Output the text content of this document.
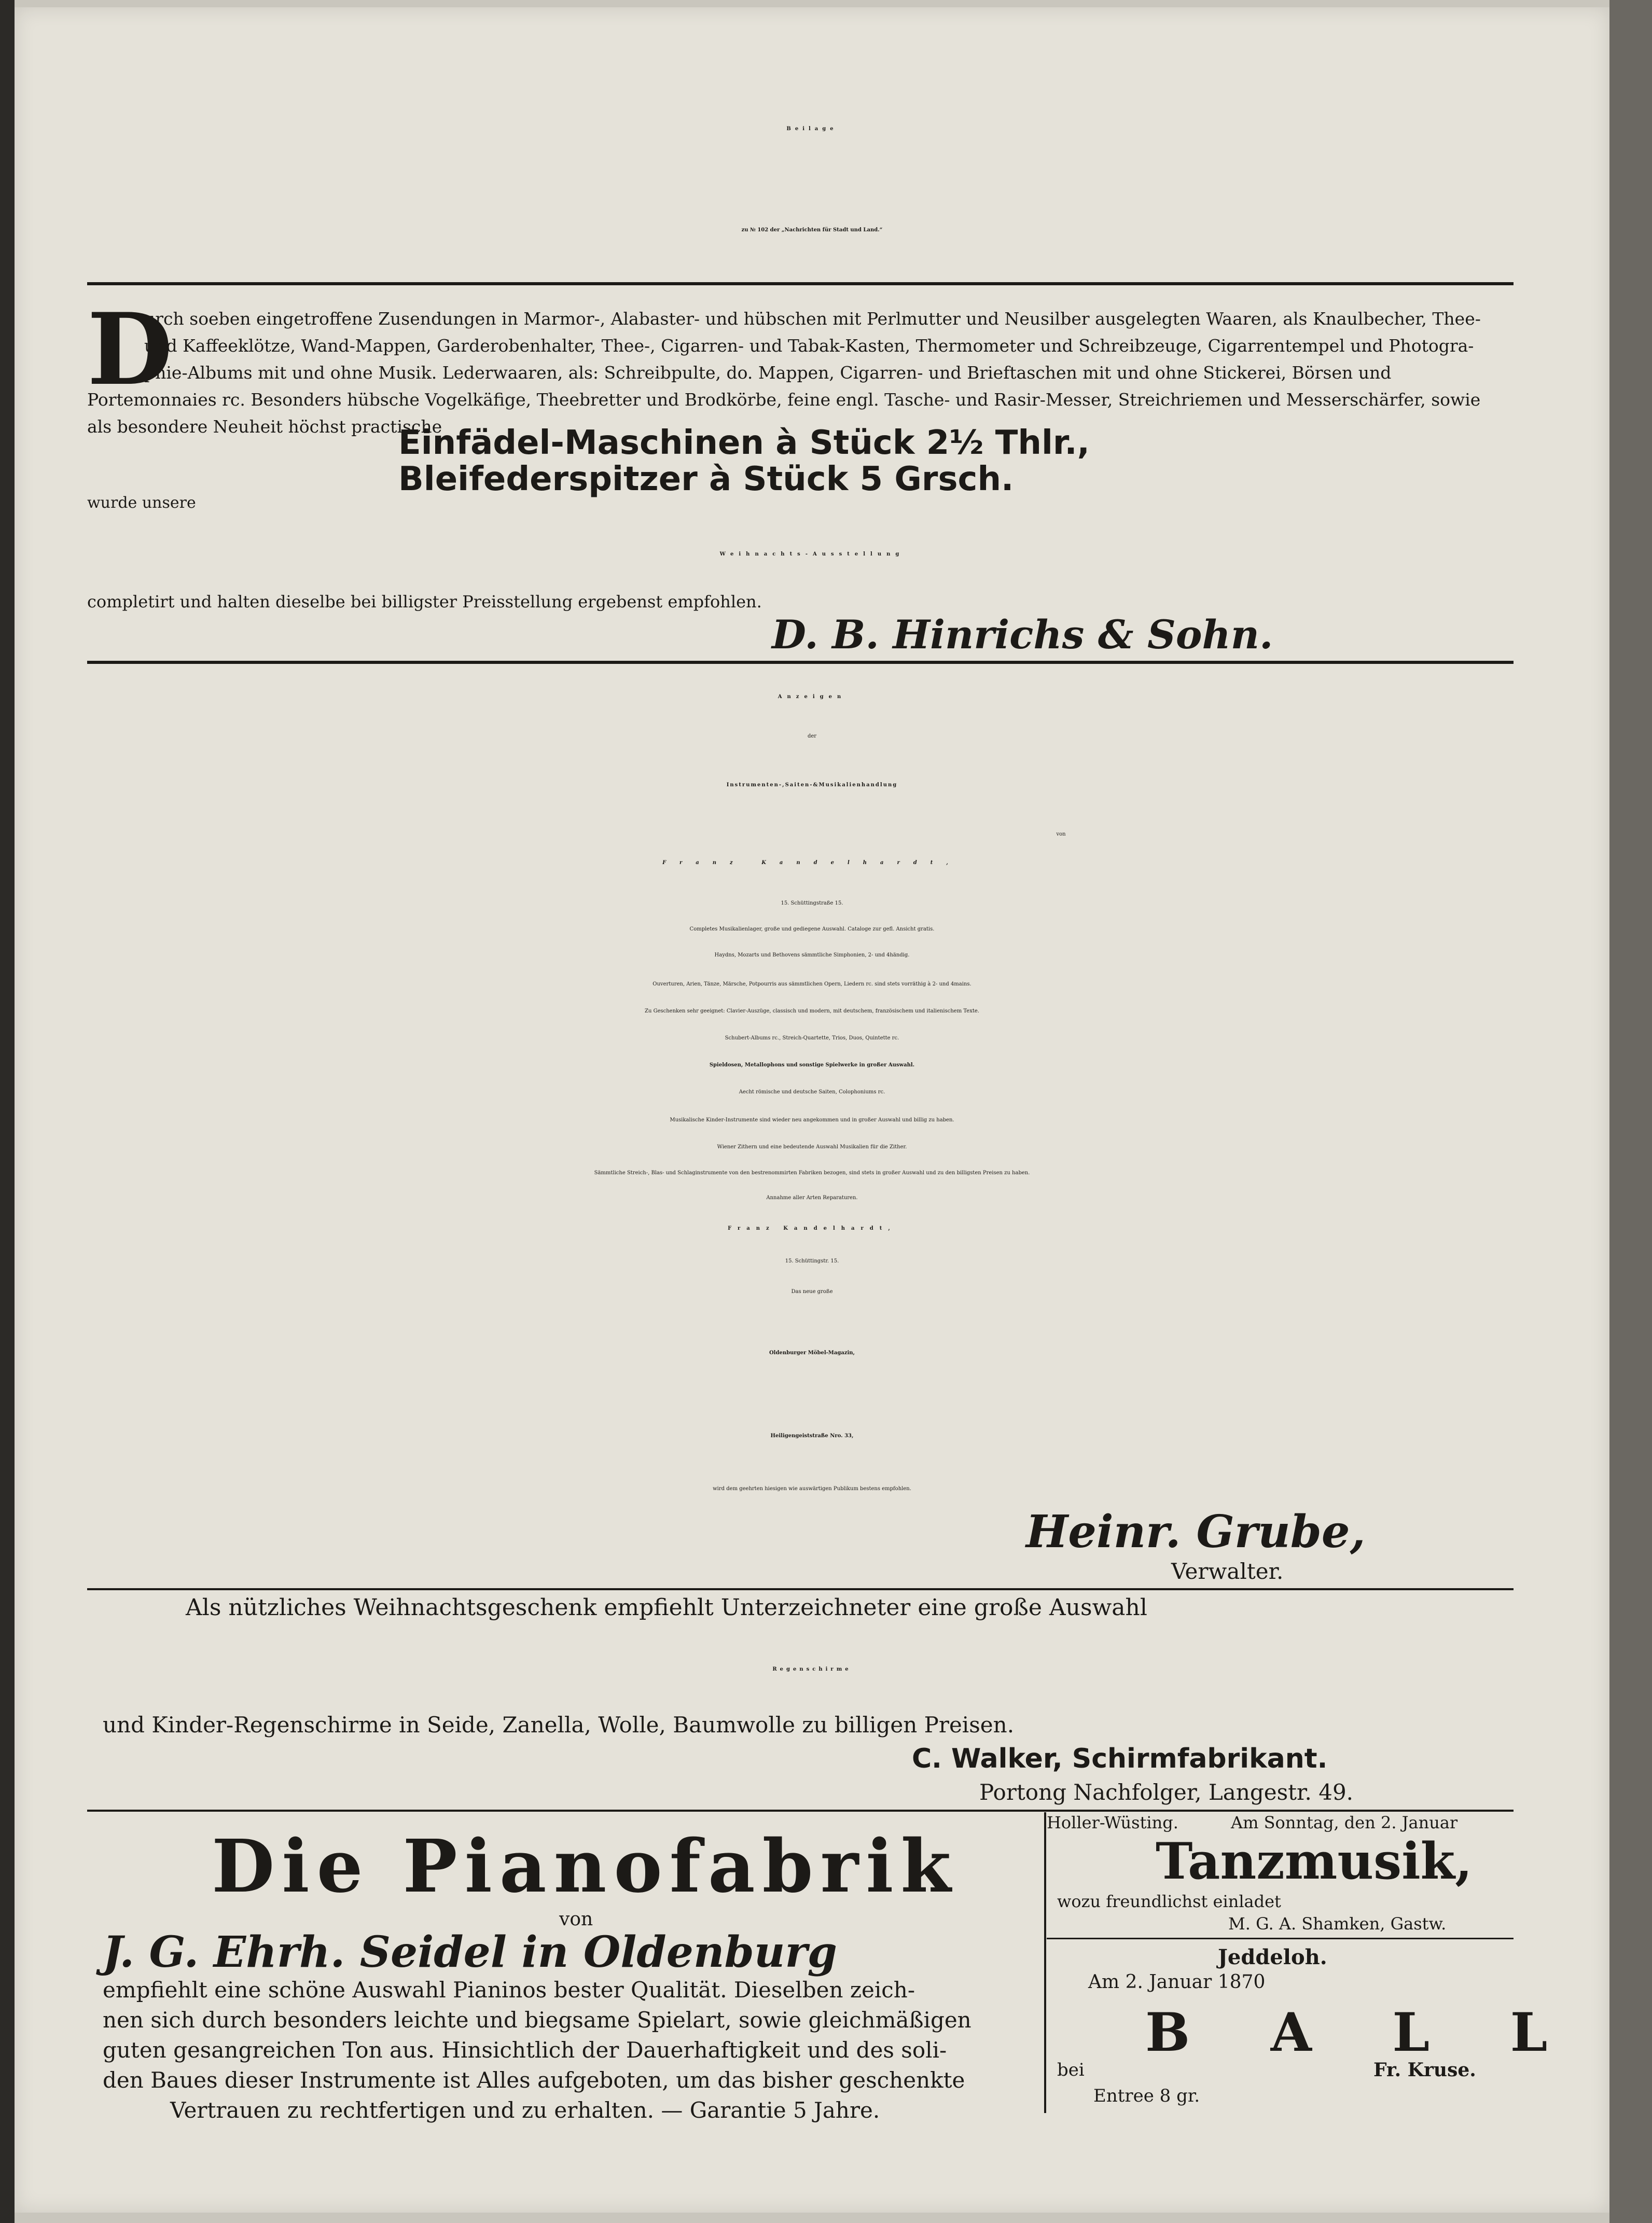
Beilage
zu № 102 der „Nachrichten für Stadt und Land.“
D
urch soeben eingetroffene Zusendungen in Marmor-, Alabaster- und hübschen mit Perlmutter und Neusilber ausgelegten Waaren, als Knaulbecher, Thee-
und Kaffeeklötze, Wand-Mappen, Garderobenhalter, Thee-, Cigarren- und Tabak-Kasten, Thermometer und Schreibzeuge, Cigarrentempel und Photogra-
phie-Albums mit und ohne Musik. Lederwaaren, als: Schreibpulte, do. Mappen, Cigarren- und Brieftaschen mit und ohne Stickerei, Börsen und
Portemonnaies rc. Besonders hübsche Vogelkäfige, Theebretter und Brodkörbe, feine engl. Tasche- und Rasir-Messer, Streichriemen und Messerschärfer, sowie
als besondere Neuheit höchst practische
Einfädel-Maschinen à Stück 2½ Thlr.,
Bleifederspitzer à Stück 5 Grsch.
wurde unsere
Weihnachts-Ausstellung
completirt und halten dieselbe bei billigster Preisstellung ergebenst empfohlen.
D. B. Hinrichs & Sohn.
Anzeigen
der
Instrumenten-,Saiten-&Musikalienhandlung
von
Franz Kandelhardt,
15. Schüttingstraße 15.
Completes Musikalienlager, große und gediegene Auswahl. Cataloge zur gefl. Ansicht gratis.
Haydns, Mozarts und Bethovens sämmtliche Simphonien, 2- und 4händig.
Ouverturen, Arien, Tänze, Märsche, Potpourris aus sämmtlichen Opern, Liedern rc. sind stets vorräthig à 2- und 4mains.
Zu Geschenken sehr geeignet: Clavier-Auszüge, classisch und modern, mit deutschem, französischem und italienischem Texte.
Schubert-Albums rc., Streich-Quartette, Trios, Duos, Quintette rc.
Spieldosen, Metallophons und sonstige Spielwerke in großer Auswahl.
Aecht römische und deutsche Saiten, Colophoniums rc.
Musikalische Kinder-Instrumente sind wieder neu angekommen und in großer Auswahl und billig zu haben.
Wiener Zithern und eine bedeutende Auswahl Musikalien für die Zither.
Sämmtliche Streich-, Blas- und Schlaginstrumente von den bestrenommirten Fabriken bezogen, sind stets in großer Auswahl und zu den billigsten Preisen zu haben.
Annahme aller Arten Reparaturen.
Franz Kandelhardt,
15. Schüttingstr. 15.
Das neue große
Oldenburger Möbel-Magazin,
Heiligengeiststraße Nro. 33,
wird dem geehrten hiesigen wie auswärtigen Publikum bestens empfohlen.
Heinr. Grube,
Verwalter.
Als nützliches Weihnachtsgeschenk empfiehlt Unterzeichneter eine große Auswahl
Regenschirme
und Kinder-Regenschirme in Seide, Zanella, Wolle, Baumwolle zu billigen Preisen.
C. Walker, Schirmfabrikant.
Portong Nachfolger, Langestr. 49.
Die Pianofabrik
von
J. G. Ehrh. Seidel in Oldenburg
empfiehlt eine schöne Auswahl Pianinos bester Qualität. Dieselben zeich-
nen sich durch besonders leichte und biegsame Spielart, sowie gleichmäßigen
guten gesangreichen Ton aus. Hinsichtlich der Dauerhaftigkeit und des soli-
den Baues dieser Instrumente ist Alles aufgeboten, um das bisher geschenkte
Vertrauen zu rechtfertigen und zu erhalten. — Garantie 5 Jahre.
Holler-Wüsting.	Am Sonntag, den 2. Januar
Tanzmusik,
wozu freundlichst einladet
M. G. A. Shamken, Gastw.
Jeddeloh.
Am 2. Januar 1870
B A L L
bei	Fr. Kruse.
Entree 8 gr.
